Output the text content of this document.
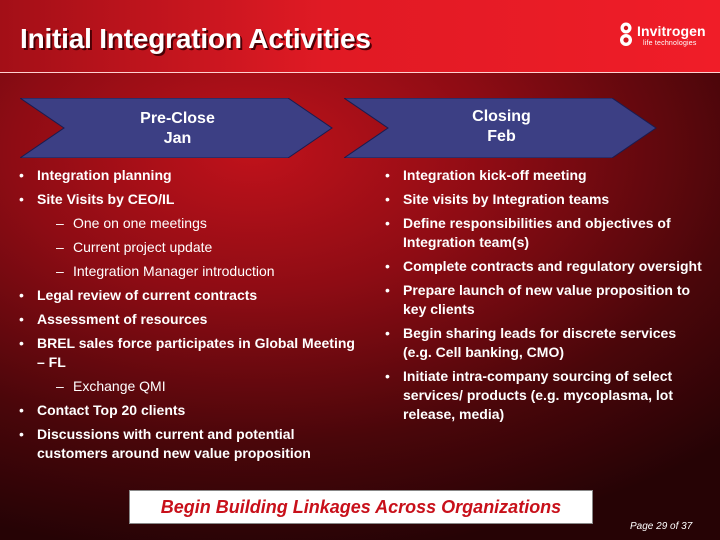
Initial Integration Activities	Invitrogen
life technologies
Pre-Close
Jan
Closing
Feb
• Integration planning
• Site Visits by CEO/IL
– One on one meetings
– Current project update
– Integration Manager introduction
• Legal review of current contracts
• Assessment of resources
• BREL sales force participates in Global Meeting – FL
– Exchange QMI
• Contact Top 20 clients
• Discussions with current and potential customers around new value proposition
• Integration kick-off meeting
• Site visits by Integration teams
• Define responsibilities and objectives of Integration team(s)
• Complete contracts and regulatory oversight
• Prepare launch of new value proposition to key clients
• Begin sharing leads for discrete services (e.g. Cell banking, CMO)
• Initiate intra-company sourcing of select services/ products (e.g. mycoplasma, lot release, media)
Begin Building Linkages Across Organizations
Page 29 of 37
